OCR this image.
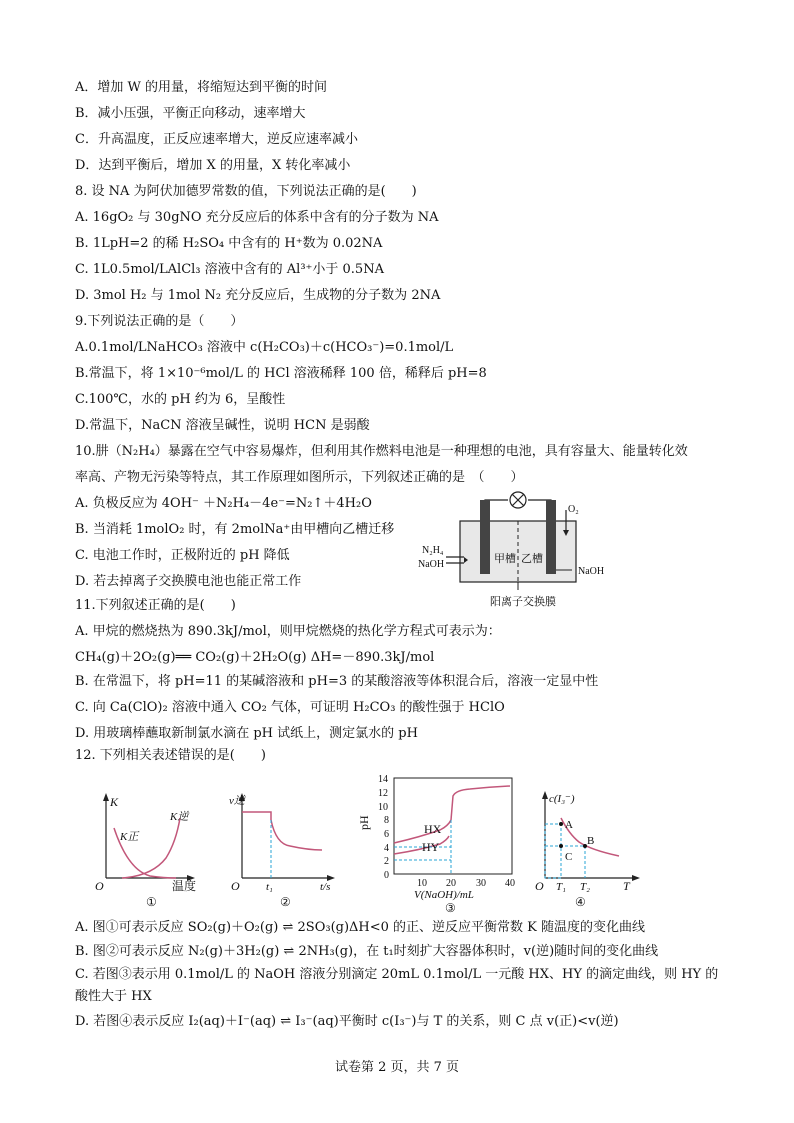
A．增加 W 的用量，将缩短达到平衡的时间
B．减小压强，平衡正向移动，速率增大
C．升高温度，正反应速率增大，逆反应速率减小
D．达到平衡后，增加 X 的用量，X 转化率减小
8. 设 NA 为阿伏加德罗常数的值，下列说法正确的是(　　)
A. 16gO₂ 与 30gNO 充分反应后的体系中含有的分子数为 NA
B. 1LpH=2 的稀 H₂SO₄ 中含有的 H⁺数为 0.02NA
C. 1L0.5mol/LAlCl₃ 溶液中含有的 Al³⁺小于 0.5NA
D. 3mol H₂ 与 1mol N₂ 充分反应后，生成物的分子数为 2NA
9.下列说法正确的是（　　）
A.0.1mol/LNaHCO₃ 溶液中 c(H₂CO₃)＋c(HCO₃⁻)=0.1mol/L
B.常温下，将 1×10⁻⁶mol/L 的 HCl 溶液稀释 100 倍，稀释后 pH=8
C.100℃，水的 pH 约为 6，呈酸性
D.常温下，NaCN 溶液呈碱性，说明 HCN 是弱酸
10.肼（N₂H₄）暴露在空气中容易爆炸，但利用其作燃料电池是一种理想的电池，具有容量大、能量转化效
率高、产物无污染等特点，其工作原理如图所示，下列叙述正确的是　（　　）
A. 负极反应为 4OH⁻ ＋N₂H₄－4e⁻=N₂↑＋4H₂O
B. 当消耗 1molO₂ 时，有 2molNa⁺由甲槽向乙槽迁移
C. 电池工作时，正极附近的 pH 降低
D. 若去掉离子交换膜电池也能正常工作
11.下列叙述正确的是(　　)
A. 甲烷的燃烧热为 890.3kJ/mol，则甲烷燃烧的热化学方程式可表示为：
CH₄(g)＋2O₂(g)══ CO₂(g)＋2H₂O(g) ΔH=－890.3kJ/mol
B. 在常温下，将 pH=11 的某碱溶液和 pH=3 的某酸溶液等体积混合后，溶液一定显中性
C. 向 Ca(ClO)₂ 溶液中通入 CO₂ 气体，可证明 H₂CO₃ 的酸性强于 HClO
D. 用玻璃棒蘸取新制氯水滴在 pH 试纸上，测定氯水的 pH
12. 下列相关表述错误的是(　　)
A. 图①可表示反应 SO₂(g)＋O₂(g) ⇌ 2SO₃(g)ΔH<0 的正、逆反应平衡常数 K 随温度的变化曲线
B. 图②可表示反应 N₂(g)＋3H₂(g) ⇌ 2NH₃(g)，在 t₁时刻扩大容器体积时，v(逆)随时间的变化曲线
C. 若图③表示用 0.1mol/L 的 NaOH 溶液分别滴定 20mL 0.1mol/L 一元酸 HX、HY 的滴定曲线，则 HY 的
酸性大于 HX
D. 若图④表示反应 I₂(aq)＋I⁻(aq) ⇌ I₃⁻(aq)平衡时 c(I₃⁻)与 T 的关系，则 C 点 v(正)<v(逆)
O₂
N₂H₄
NaOH	甲槽 乙槽
NaOH
阳离子交换膜
K
K正
K逆
O	温度
①
v逆
O t₁	t/s
②
0
2
4
6
8
10
12
14
10 20 30 40
pH	HX
HY
V(NaOH)/mL
③
c(I₃⁻)
A
B
C
O T₁ T₂	T
④
试卷第 2 页，共 7 页
